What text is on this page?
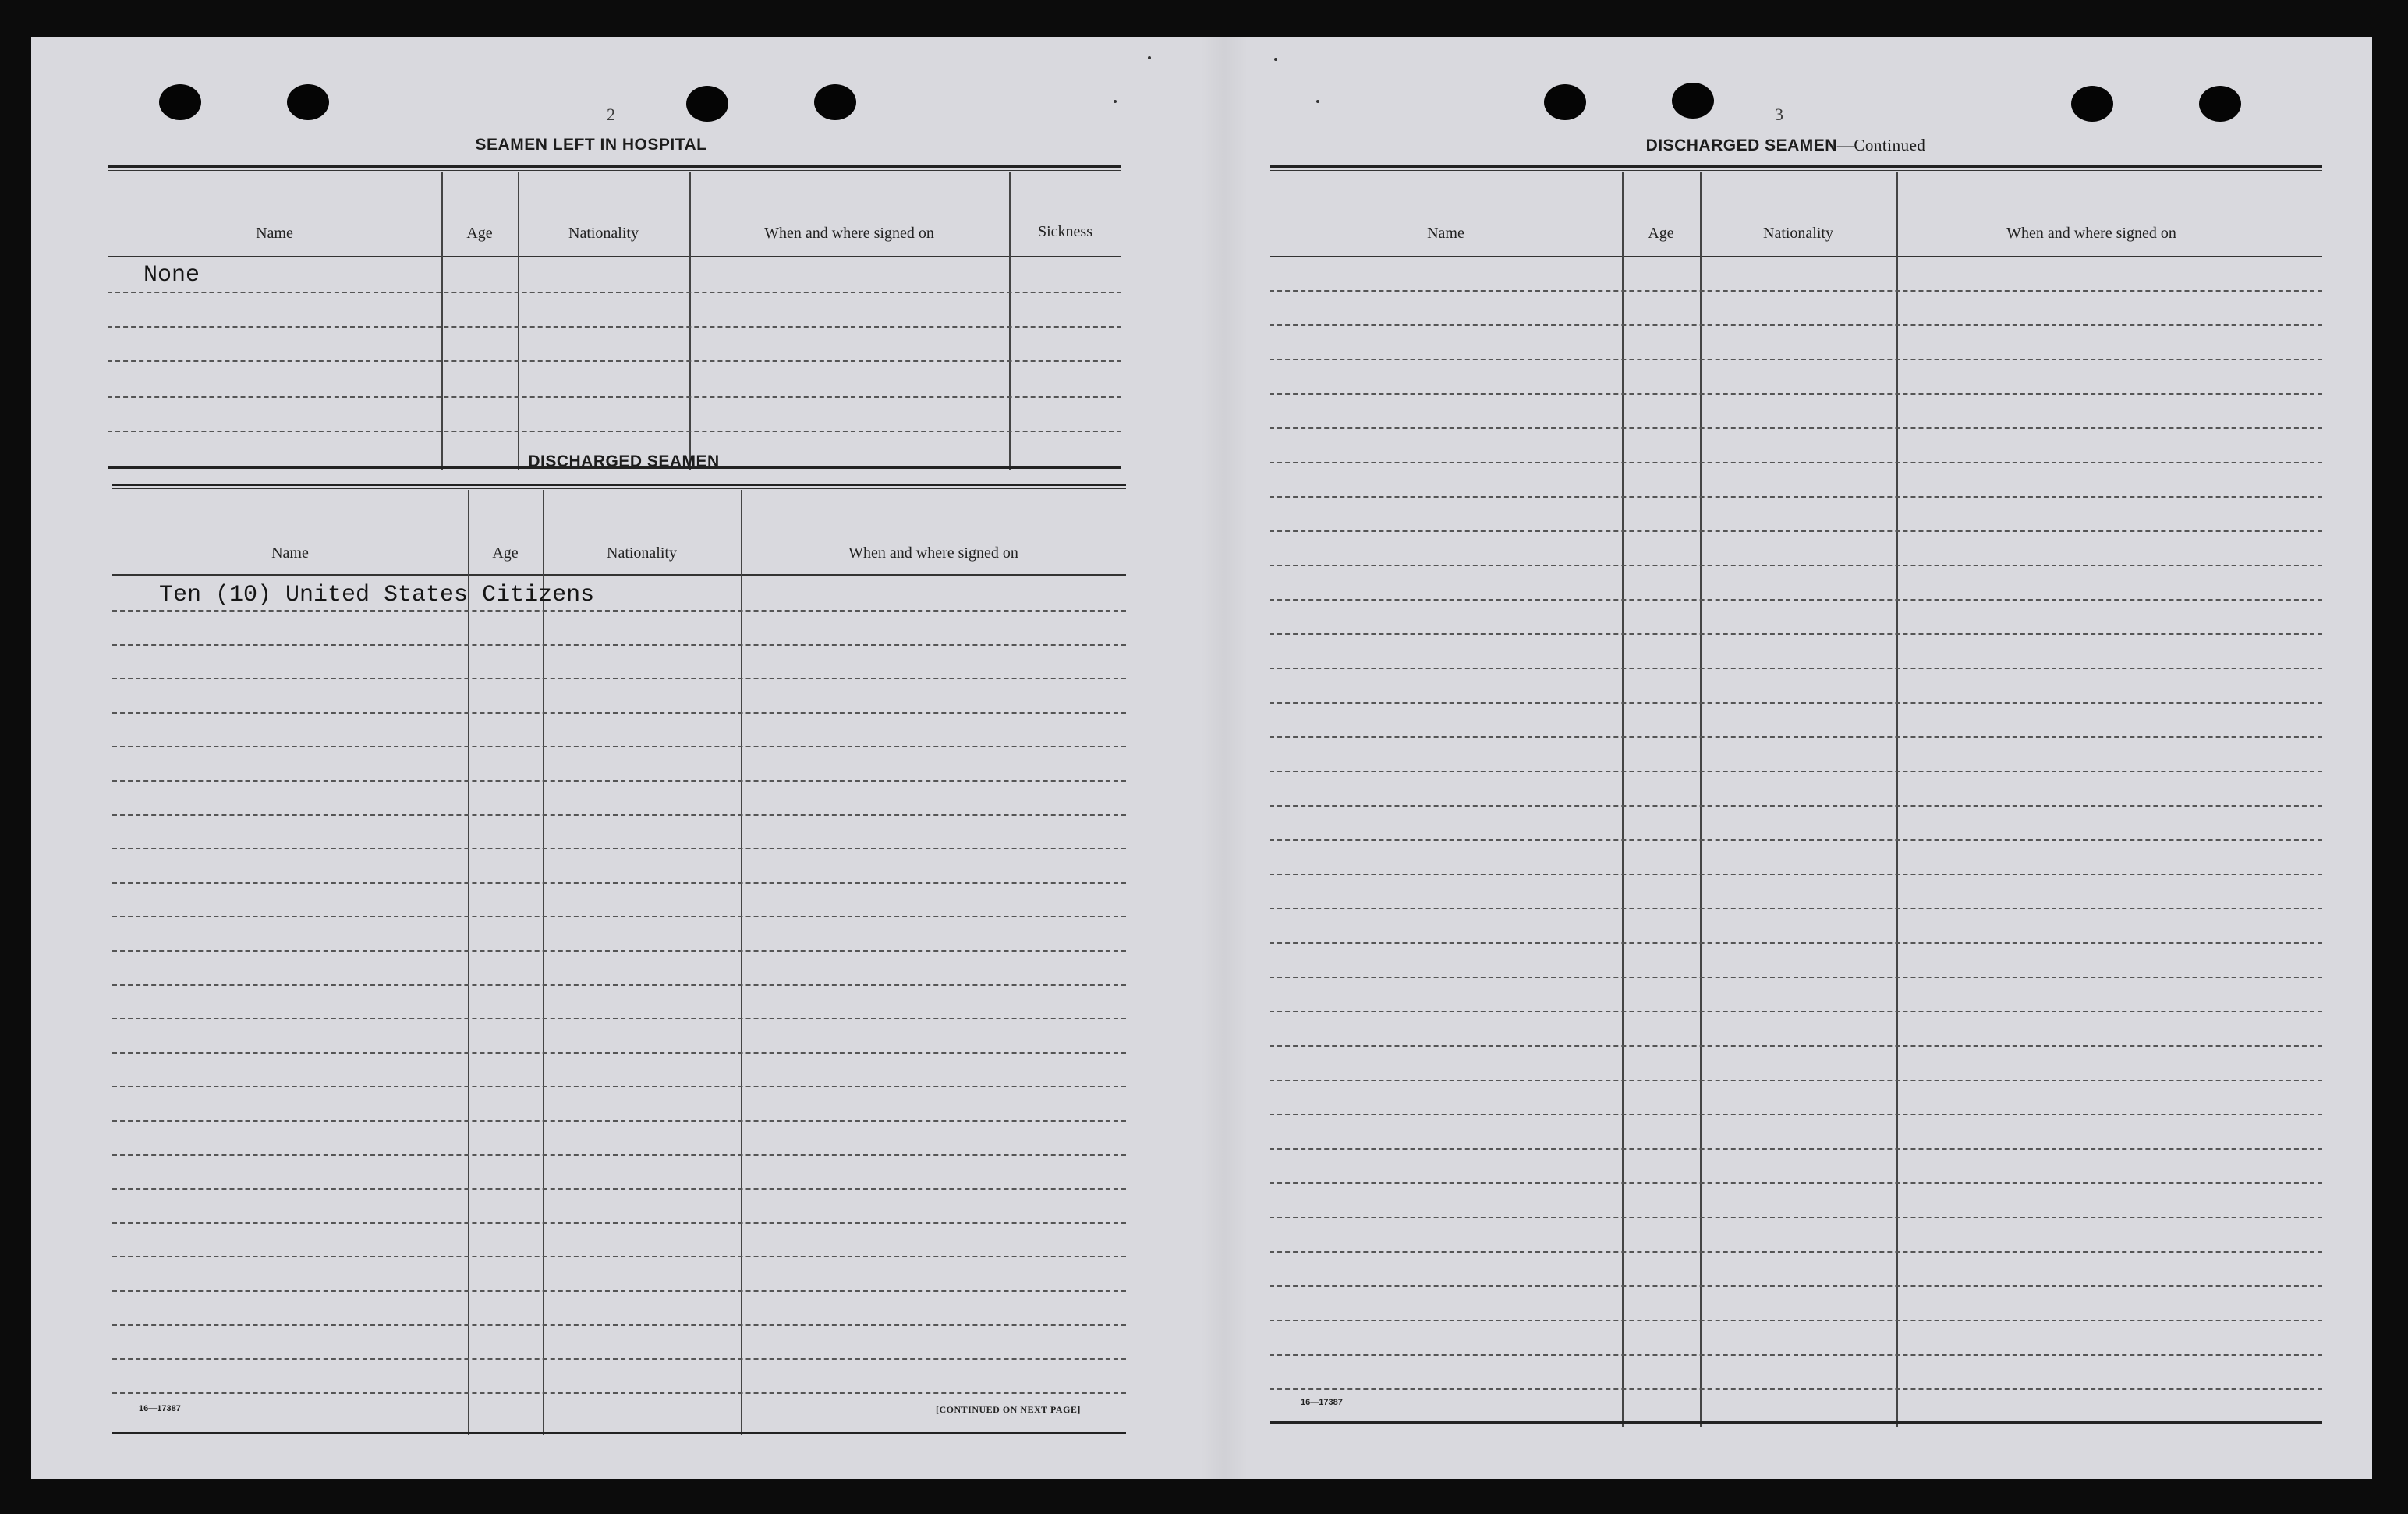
2
SEAMEN LEFT IN HOSPITAL
Name	Age	Nationality	When and where signed on	Sickness
None
DISCHARGED SEAMEN
Name	Age	Nationality	When and where signed on
Ten (10) United States Citizens
16—17387	[CONTINUED ON NEXT PAGE]
3
DISCHARGED SEAMEN—Continued
Name	Age	Nationality	When and where signed on
16—17387
